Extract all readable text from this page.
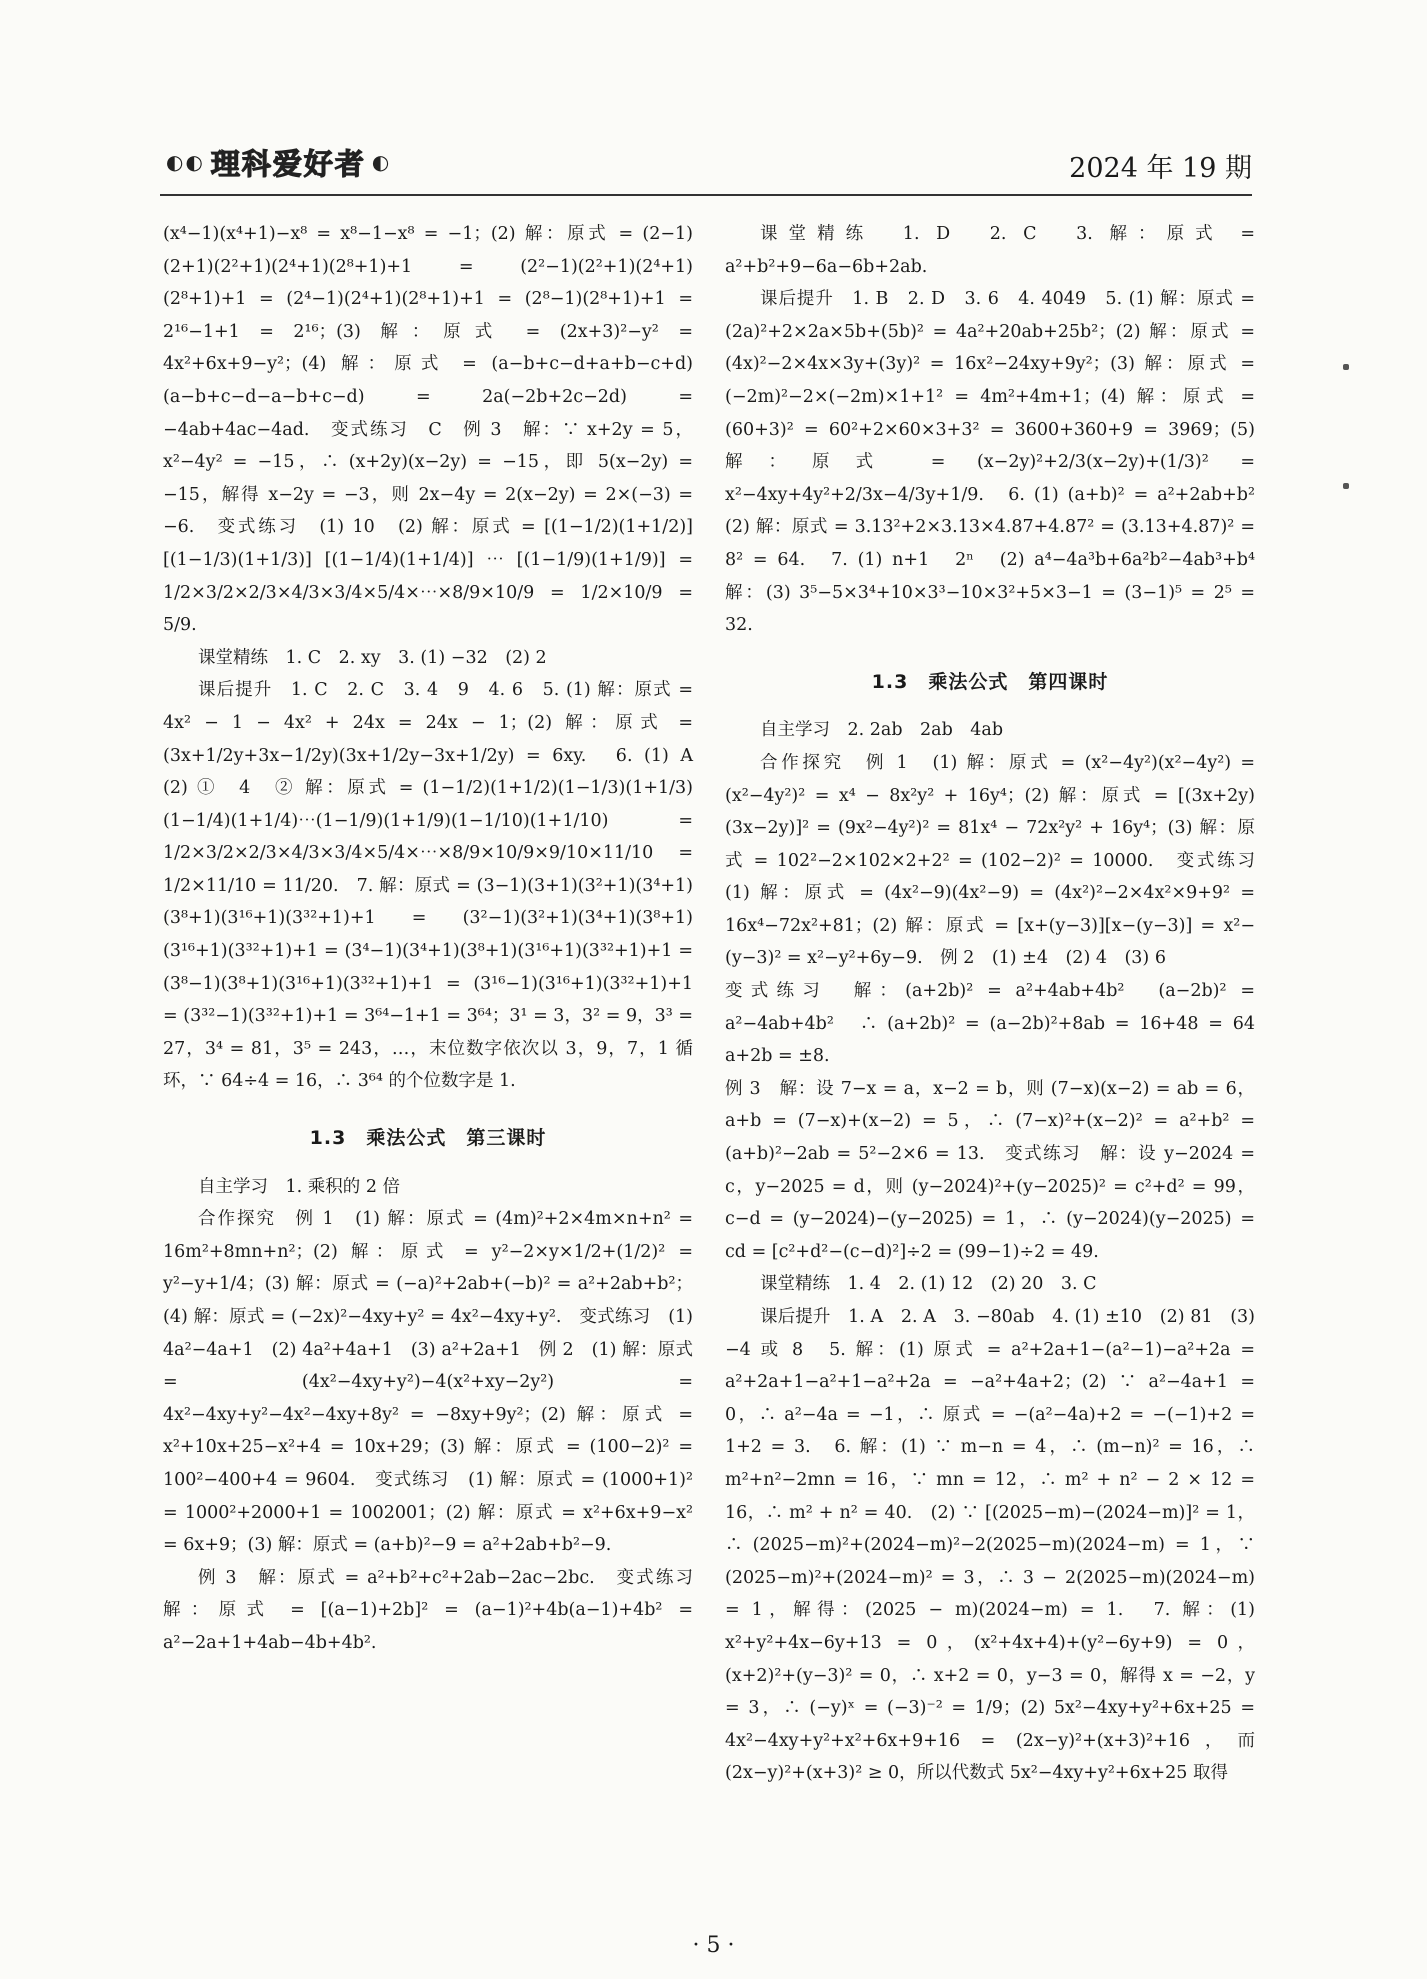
◐◐ 理科爱好者 ◐	2024 年 19 期

(x⁴−1)(x⁴+1)−x⁸ = x⁸−1−x⁸ = −1；(2) 解：原式 = (2−1)(2+1)(2²+1)(2⁴+1)(2⁸+1)+1 = (2²−1)(2²+1)(2⁴+1)(2⁸+1)+1 = (2⁴−1)(2⁴+1)(2⁸+1)+1 = (2⁸−1)(2⁸+1)+1 = 2¹⁶−1+1 = 2¹⁶；(3) 解：原式 = (2x+3)²−y² = 4x²+6x+9−y²；(4) 解：原式 = (a−b+c−d+a+b−c+d)(a−b+c−d−a−b+c−d) = 2a(−2b+2c−2d) = −4ab+4ac−4ad.　变式练习　C　例 3　解：∵ x+2y = 5，x²−4y² = −15，∴ (x+2y)(x−2y) = −15，即 5(x−2y) = −15，解得 x−2y = −3，则 2x−4y = 2(x−2y) = 2×(−3) = −6.　变式练习　(1) 10　(2) 解：原式 = [(1−1/2)(1+1/2)] [(1−1/3)(1+1/3)] [(1−1/4)(1+1/4)] ⋯ [(1−1/9)(1+1/9)] = 1/2×3/2×2/3×4/3×3/4×5/4×⋯×8/9×10/9 = 1/2×10/9 = 5/9.

课堂精练　1. C　2. xy　3. (1) −32　(2) 2

课后提升　1. C　2. C　3. 4　9　4. 6　5. (1) 解：原式 = 4x² − 1 − 4x² + 24x = 24x − 1；(2) 解：原式 = (3x+1/2y+3x−1/2y)(3x+1/2y−3x+1/2y) = 6xy.　6. (1) A　(2) ①　4　② 解：原式 = (1−1/2)(1+1/2)(1−1/3)(1+1/3)(1−1/4)(1+1/4)⋯(1−1/9)(1+1/9)(1−1/10)(1+1/10) = 1/2×3/2×2/3×4/3×3/4×5/4×⋯×8/9×10/9×9/10×11/10 = 1/2×11/10 = 11/20.　7. 解：原式 = (3−1)(3+1)(3²+1)(3⁴+1)(3⁸+1)(3¹⁶+1)(3³²+1)+1 = (3²−1)(3²+1)(3⁴+1)(3⁸+1)(3¹⁶+1)(3³²+1)+1 = (3⁴−1)(3⁴+1)(3⁸+1)(3¹⁶+1)(3³²+1)+1 = (3⁸−1)(3⁸+1)(3¹⁶+1)(3³²+1)+1 = (3¹⁶−1)(3¹⁶+1)(3³²+1)+1 = (3³²−1)(3³²+1)+1 = 3⁶⁴−1+1 = 3⁶⁴；3¹ = 3，3² = 9，3³ = 27，3⁴ = 81，3⁵ = 243，…，末位数字依次以 3，9，7，1 循环，∵ 64÷4 = 16，∴ 3⁶⁴ 的个位数字是 1.

1.3　乘法公式　第三课时

自主学习　1. 乘积的 2 倍

合作探究　例 1　(1) 解：原式 = (4m)²+2×4m×n+n² = 16m²+8mn+n²；(2) 解：原式 = y²−2×y×1/2+(1/2)² = y²−y+1/4；(3) 解：原式 = (−a)²+2ab+(−b)² = a²+2ab+b²；(4) 解：原式 = (−2x)²−4xy+y² = 4x²−4xy+y².　变式练习　(1) 4a²−4a+1　(2) 4a²+4a+1　(3) a²+2a+1　例 2　(1) 解：原式 = (4x²−4xy+y²)−4(x²+xy−2y²) = 4x²−4xy+y²−4x²−4xy+8y² = −8xy+9y²；(2) 解：原式 = x²+10x+25−x²+4 = 10x+29；(3) 解：原式 = (100−2)² = 100²−400+4 = 9604.　变式练习　(1) 解：原式 = (1000+1)² = 1000²+2000+1 = 1002001；(2) 解：原式 = x²+6x+9−x² = 6x+9；(3) 解：原式 = (a+b)²−9 = a²+2ab+b²−9.

例 3　解：原式 = a²+b²+c²+2ab−2ac−2bc.　变式练习　解：原式 = [(a−1)+2b]² = (a−1)²+4b(a−1)+4b² = a²−2a+1+4ab−4b+4b².

课堂精练　1. D　2. C　3. 解：原式 = a²+b²+9−6a−6b+2ab.

课后提升　1. B　2. D　3. 6　4. 4049　5. (1) 解：原式 = (2a)²+2×2a×5b+(5b)² = 4a²+20ab+25b²；(2) 解：原式 = (4x)²−2×4x×3y+(3y)² = 16x²−24xy+9y²；(3) 解：原式 = (−2m)²−2×(−2m)×1+1² = 4m²+4m+1；(4) 解：原式 = (60+3)² = 60²+2×60×3+3² = 3600+360+9 = 3969；(5) 解：原式 = (x−2y)²+2/3(x−2y)+(1/3)² = x²−4xy+4y²+2/3x−4/3y+1/9.　6. (1) (a+b)² = a²+2ab+b²　(2) 解：原式 = 3.13²+2×3.13×4.87+4.87² = (3.13+4.87)² = 8² = 64.　7. (1) n+1　2ⁿ　(2) a⁴−4a³b+6a²b²−4ab³+b⁴　解：(3) 3⁵−5×3⁴+10×3³−10×3²+5×3−1 = (3−1)⁵ = 2⁵ = 32.

1.3　乘法公式　第四课时

自主学习　2. 2ab　2ab　4ab

合作探究　例 1　(1) 解：原式 = (x²−4y²)(x²−4y²) = (x²−4y²)² = x⁴ − 8x²y² + 16y⁴；(2) 解：原式 = [(3x+2y)(3x−2y)]² = (9x²−4y²)² = 81x⁴ − 72x²y² + 16y⁴；(3) 解：原式 = 102²−2×102×2+2² = (102−2)² = 10000.　变式练习　(1) 解：原式 = (4x²−9)(4x²−9) = (4x²)²−2×4x²×9+9² = 16x⁴−72x²+81；(2) 解：原式 = [x+(y−3)][x−(y−3)] = x²−(y−3)² = x²−y²+6y−9.　例 2　(1) ±4　(2) 4　(3) 6

变式练习　解：(a+2b)² = a²+4ab+4b²　(a−2b)² = a²−4ab+4b²　∴ (a+2b)² = (a−2b)²+8ab = 16+48 = 64　a+2b = ±8.

例 3　解：设 7−x = a，x−2 = b，则 (7−x)(x−2) = ab = 6，a+b = (7−x)+(x−2) = 5，∴ (7−x)²+(x−2)² = a²+b² = (a+b)²−2ab = 5²−2×6 = 13.　变式练习　解：设 y−2024 = c，y−2025 = d，则 (y−2024)²+(y−2025)² = c²+d² = 99，c−d = (y−2024)−(y−2025) = 1，∴ (y−2024)(y−2025) = cd = [c²+d²−(c−d)²]÷2 = (99−1)÷2 = 49.

课堂精练　1. 4　2. (1) 12　(2) 20　3. C

课后提升　1. A　2. A　3. −80ab　4. (1) ±10　(2) 81　(3) −4 或 8　5. 解：(1) 原式 = a²+2a+1−(a²−1)−a²+2a = a²+2a+1−a²+1−a²+2a = −a²+4a+2；(2) ∵ a²−4a+1 = 0，∴ a²−4a = −1，∴ 原式 = −(a²−4a)+2 = −(−1)+2 = 1+2 = 3.　6. 解：(1) ∵ m−n = 4，∴ (m−n)² = 16，∴ m²+n²−2mn = 16，∵ mn = 12，∴ m² + n² − 2 × 12 = 16，∴ m² + n² = 40.　(2) ∵ [(2025−m)−(2024−m)]² = 1，∴ (2025−m)²+(2024−m)²−2(2025−m)(2024−m) = 1，∵ (2025−m)²+(2024−m)² = 3，∴ 3 − 2(2025−m)(2024−m) = 1，解得：(2025 − m)(2024−m) = 1.　7. 解：(1) x²+y²+4x−6y+13 = 0，(x²+4x+4)+(y²−6y+9) = 0，(x+2)²+(y−3)² = 0，∴ x+2 = 0，y−3 = 0，解得 x = −2，y = 3，∴ (−y)ˣ = (−3)⁻² = 1/9；(2) 5x²−4xy+y²+6x+25 = 4x²−4xy+y²+x²+6x+9+16 = (2x−y)²+(x+3)²+16，而 (2x−y)²+(x+3)² ≥ 0，所以代数式 5x²−4xy+y²+6x+25 取得

· 5 ·
